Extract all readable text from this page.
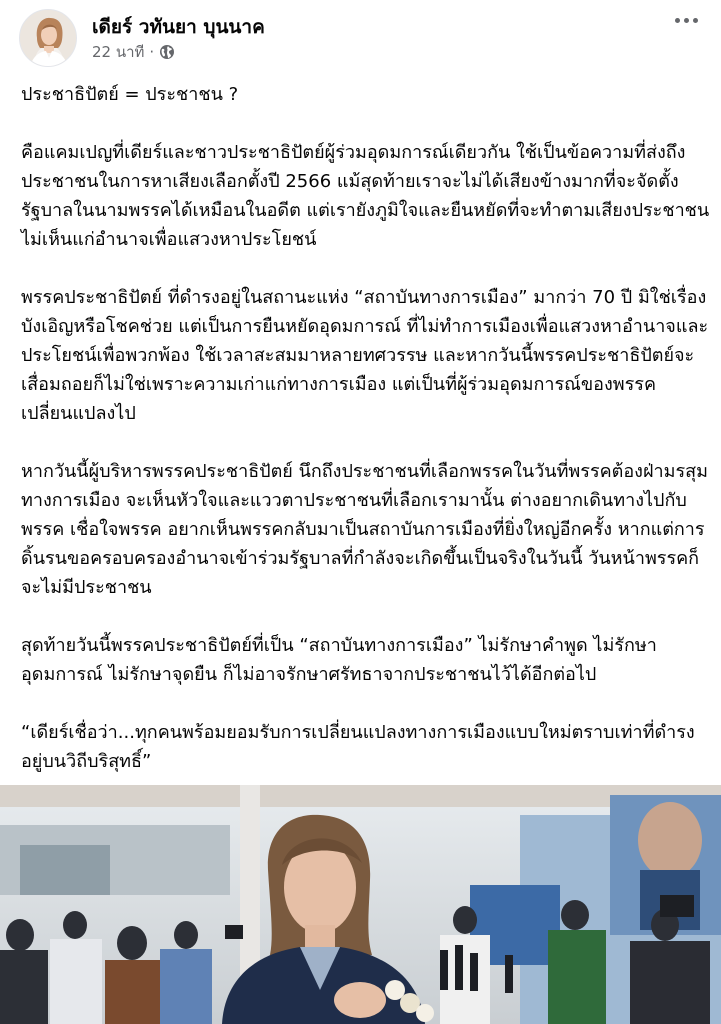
เดียร์ วทันยา บุนนาค
22 นาที ·

ประชาธิปัตย์ = ประชาชน ?

คือแคมเปญที่เดียร์และชาวประชาธิปัตย์ผู้ร่วมอุดมการณ์เดียวกัน ใช้เป็นข้อความที่ส่งถึงประชาชนในการหาเสียงเลือกตั้งปี 2566 แม้สุดท้ายเราจะไม่ได้เสียงข้างมากที่จะจัดตั้งรัฐบาลในนามพรรคได้เหมือนในอดีต แต่เรายังภูมิใจและยืนหยัดที่จะทำตามเสียงประชาชน ไม่เห็นแก่อำนาจเพื่อแสวงหาประโยชน์

พรรคประชาธิปัตย์ ที่ดำรงอยู่ในสถานะแห่ง “สถาบันทางการเมือง” มากว่า 70 ปี มิใช่เรื่องบังเอิญหรือโชคช่วย แต่เป็นการยืนหยัดอุดมการณ์ ที่ไม่ทำการเมืองเพื่อแสวงหาอำนาจและประโยชน์เพื่อพวกพ้อง ใช้เวลาสะสมมาหลายทศวรรษ และหากวันนี้พรรคประชาธิปัตย์จะเสื่อมถอยก็ไม่ใช่เพราะความเก่าแก่ทางการเมือง แต่เป็นที่ผู้ร่วมอุดมการณ์ของพรรคเปลี่ยนแปลงไป

หากวันนี้ผู้บริหารพรรคประชาธิปัตย์ นึกถึงประชาชนที่เลือกพรรคในวันที่พรรคต้องฝ่ามรสุมทางการเมือง จะเห็นหัวใจและแววตาประชาชนที่เลือกเรามานั้น ต่างอยากเดินทางไปกับพรรค เชื่อใจพรรค อยากเห็นพรรคกลับมาเป็นสถาบันการเมืองที่ยิ่งใหญ่อีกครั้ง หากแต่การดิ้นรนขอครอบครองอำนาจเข้าร่วมรัฐบาลที่กำลังจะเกิดขึ้นเป็นจริงในวันนี้ วันหน้าพรรคก็จะไม่มีประชาชน

สุดท้ายวันนี้พรรคประชาธิปัตย์ที่เป็น “สถาบันทางการเมือง” ไม่รักษาคำพูด ไม่รักษาอุดมการณ์ ไม่รักษาจุดยืน ก็ไม่อาจรักษาศรัทธาจากประชาชนไว้ได้อีกต่อไป

“เดียร์เชื่อว่า...ทุกคนพร้อมยอมรับการเปลี่ยนแปลงทางการเมืองแบบใหม่ตราบเท่าที่ดำรงอยู่บนวิถีบริสุทธิ์”
